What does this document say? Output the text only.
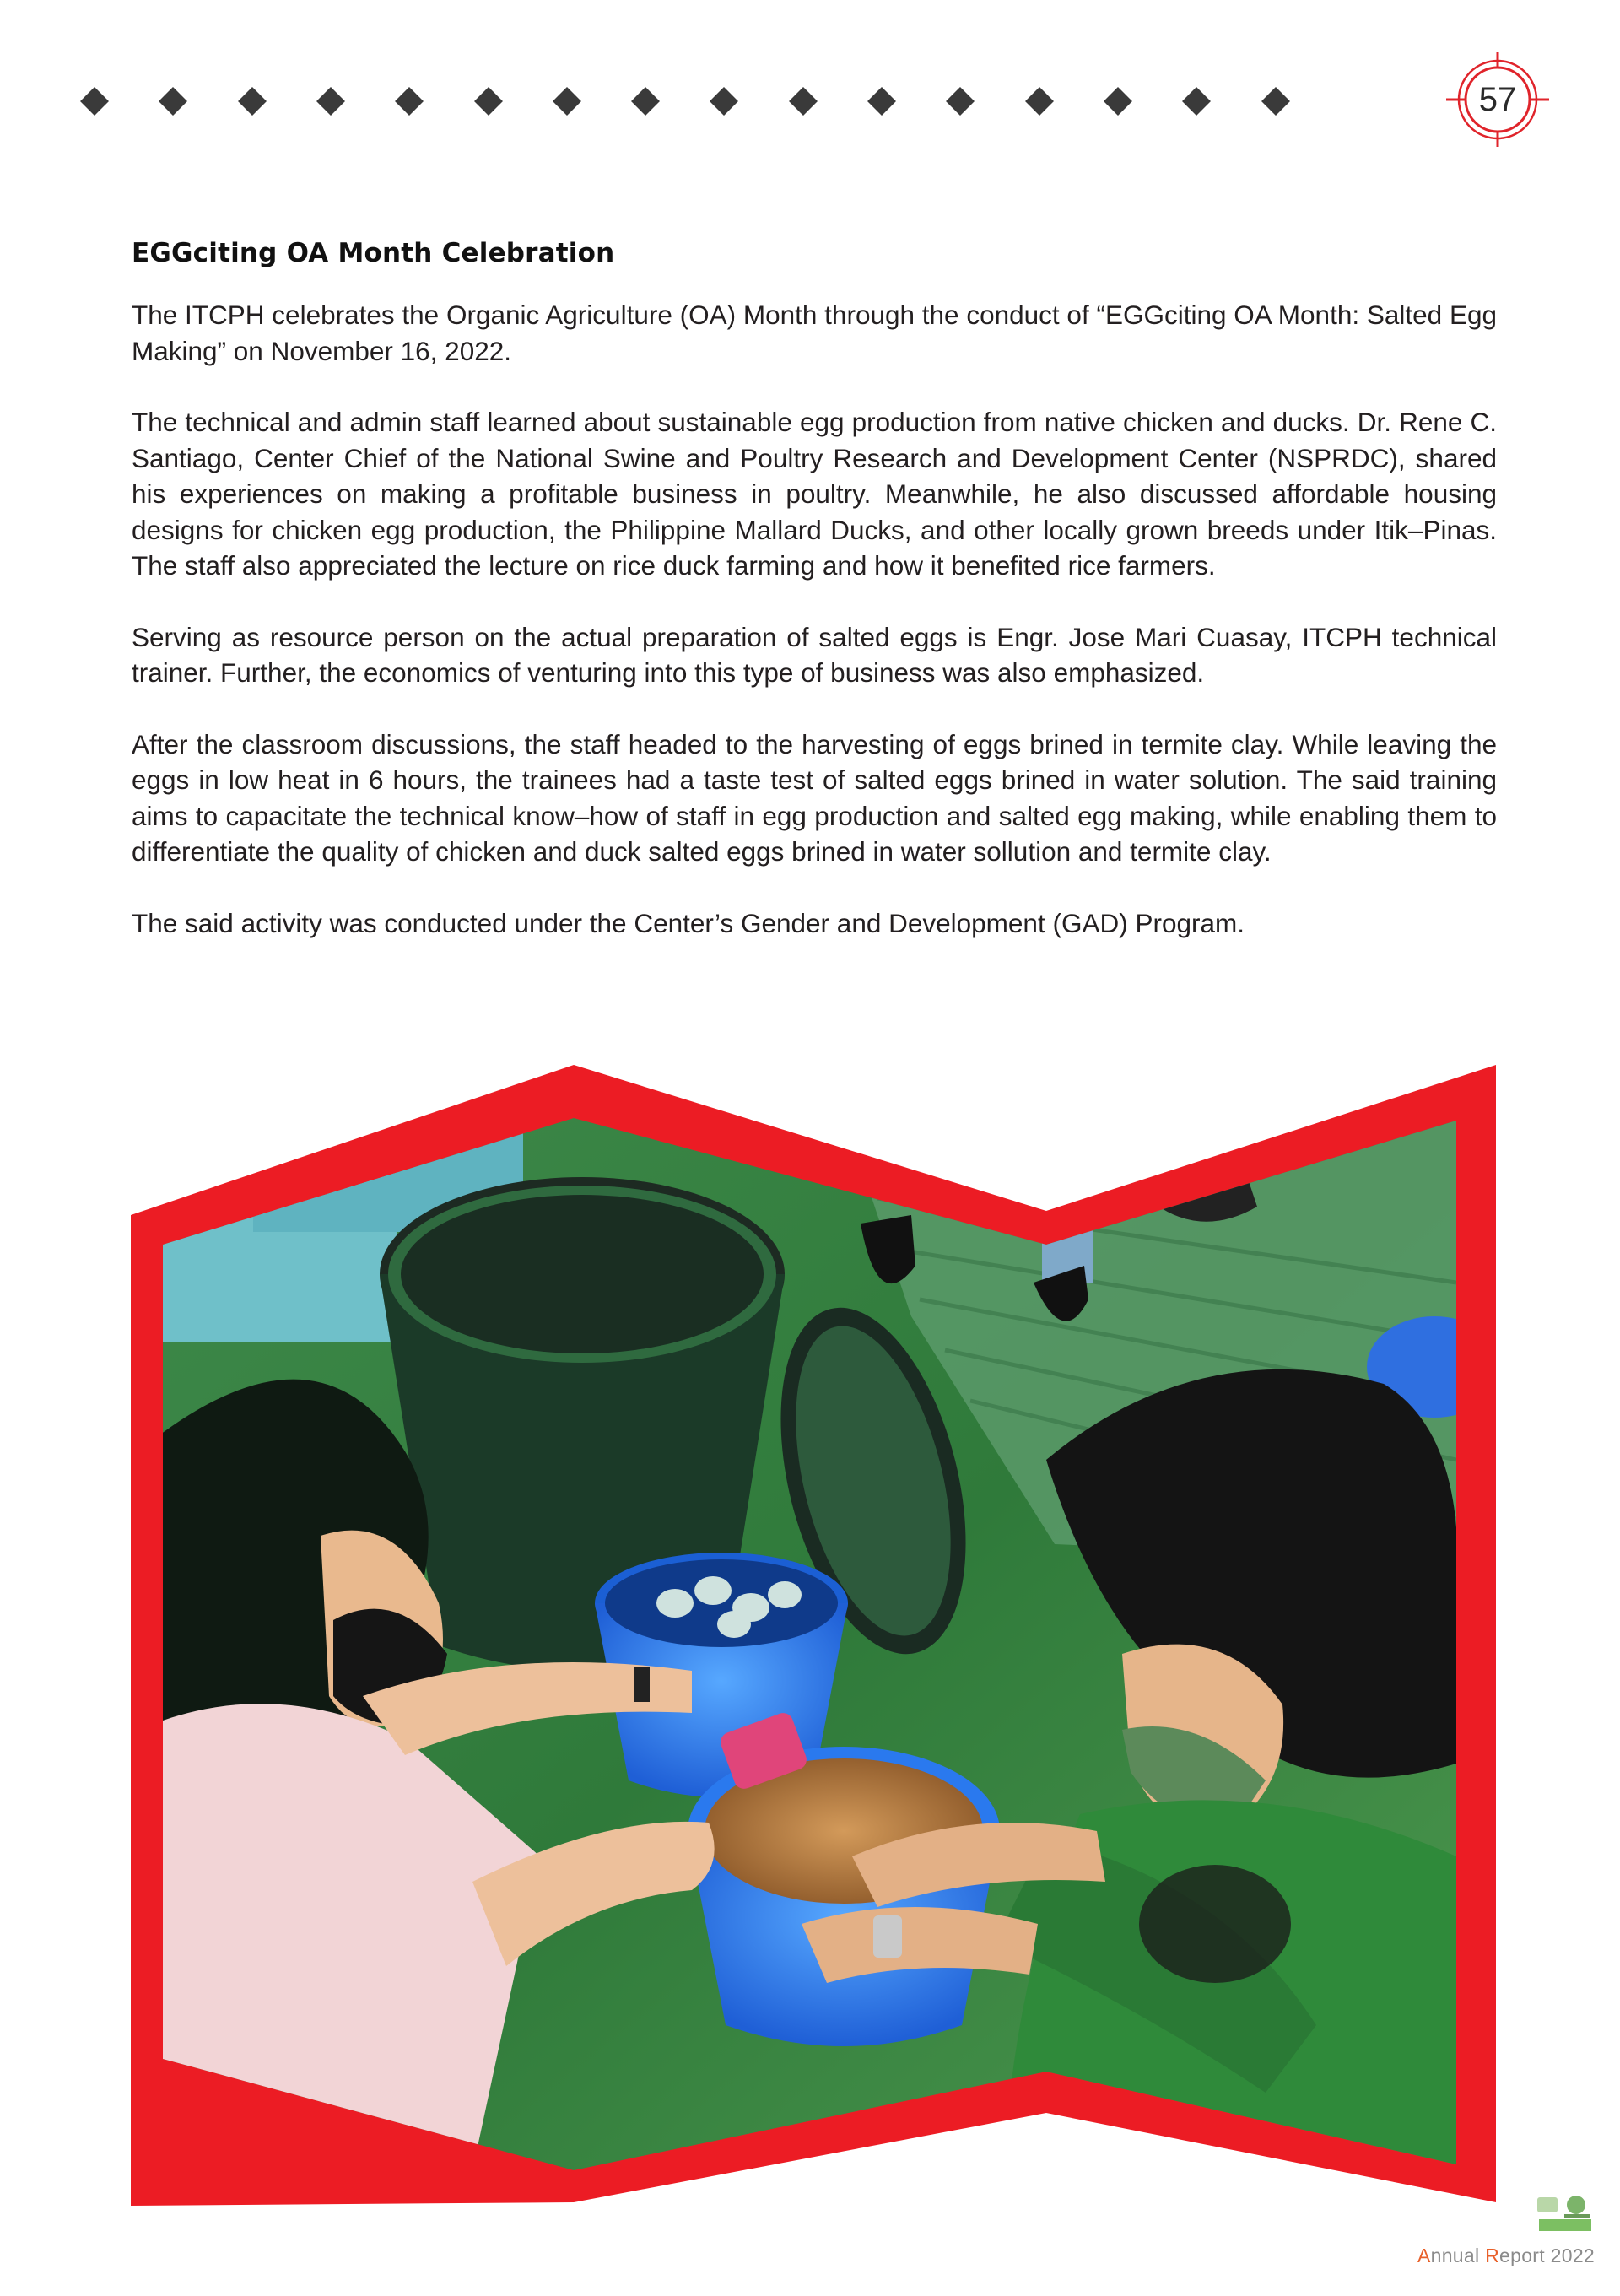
57
EGGciting OA Month Celebration

The ITCPH celebrates the Organic Agriculture (OA) Month through the conduct of “EGGciting OA Month: Salted Egg Making” on November 16, 2022.

The technical and admin staff learned about sustainable egg production from native chicken and ducks. Dr. Rene C. Santiago, Center Chief of the National Swine and Poultry Research and Development Center (NSPRDC), shared his experiences on making a profitable business in poultry. Meanwhile, he also discussed affordable housing designs for chicken egg production, the Philippine Mallard Ducks, and other locally grown breeds under Itik–Pinas. The staff also appreciated the lecture on rice duck farming and how it benefited rice farmers.

Serving as resource person on the actual preparation of salted eggs is Engr. Jose Mari Cuasay, ITCPH technical trainer. Further, the economics of venturing into this type of business was also emphasized.

After the classroom discussions, the staff headed to the harvesting of eggs brined in termite clay. While leaving the eggs in low heat in 6 hours, the trainees had a taste test of salted eggs brined in water solution. The said training aims to capacitate the technical know–how of staff in egg production and salted egg making, while enabling them to differentiate the quality of chicken and duck salted eggs brined in water sollution and termite clay.

The said activity was conducted under the Center’s Gender and Development (GAD) Program.

Annual Report 2022
